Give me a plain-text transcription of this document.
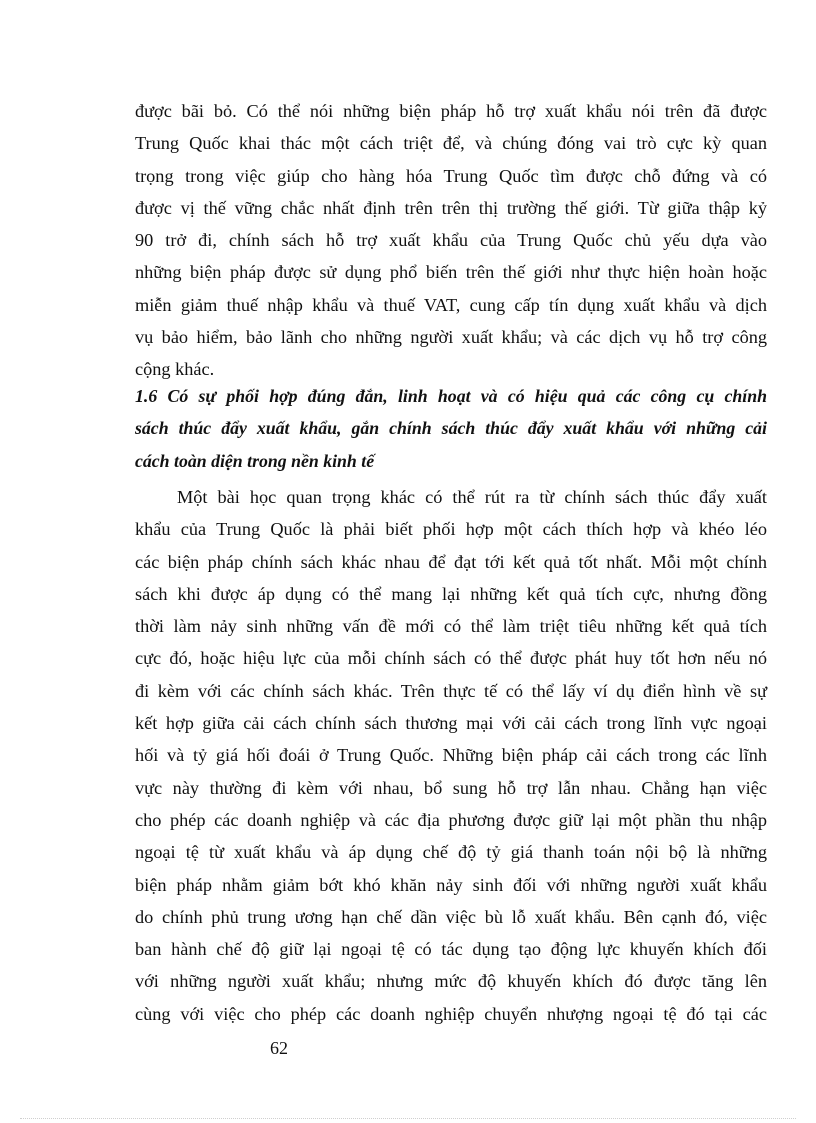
được bãi bỏ. Có thể nói những biện pháp hỗ trợ xuất khẩu nói trên đã được
Trung Quốc khai thác một cách triệt để, và chúng đóng vai trò cực kỳ quan
trọng trong việc giúp cho hàng hóa Trung Quốc tìm được chỗ đứng và có
được vị thế vững chắc nhất định trên trên thị trường thế giới. Từ giữa thập kỷ
90 trở đi, chính sách hỗ trợ xuất khẩu của Trung Quốc chủ yếu dựa vào
những biện pháp được sử dụng phổ biến trên thế giới như thực hiện hoàn hoặc
miễn giảm thuế nhập khẩu và thuế VAT, cung cấp tín dụng xuất khẩu và dịch
vụ bảo hiểm, bảo lãnh cho những người xuất khẩu; và các dịch vụ hỗ trợ công
cộng khác.
1.6 Có sự phối hợp đúng đắn, linh hoạt và có hiệu quả các công cụ chính
sách thúc đẩy xuất khẩu, gắn chính sách thúc đẩy xuất khẩu với những cải
cách toàn diện trong nền kinh tế
Một bài học quan trọng khác có thể rút ra từ chính sách thúc đẩy xuất
khẩu của Trung Quốc là phải biết phối hợp một cách thích hợp và khéo léo
các biện pháp chính sách khác nhau để đạt tới kết quả tốt nhất. Mỗi một chính
sách khi được áp dụng có thể mang lại những kết quả tích cực, nhưng đồng
thời làm nảy sinh những vấn đề mới có thể làm triệt tiêu những kết quả tích
cực đó, hoặc hiệu lực của mỗi chính sách có thể được phát huy tốt hơn nếu nó
đi kèm với các chính sách khác. Trên thực tế có thể lấy ví dụ điển hình về sự
kết hợp giữa cải cách chính sách thương mại với cải cách trong lĩnh vực ngoại
hối và tỷ giá hối đoái ở Trung Quốc. Những biện pháp cải cách trong các lĩnh
vực này thường đi kèm với nhau, bổ sung hỗ trợ lẫn nhau. Chẳng hạn việc
cho phép các doanh nghiệp và các địa phương được giữ lại một phần thu nhập
ngoại tệ từ xuất khẩu và áp dụng chế độ tỷ giá thanh toán nội bộ là những
biện pháp nhằm giảm bớt khó khăn nảy sinh đối với những người xuất khẩu
do chính phủ trung ương hạn chế dần việc bù lỗ xuất khẩu. Bên cạnh đó, việc
ban hành chế độ giữ lại ngoại tệ có tác dụng tạo động lực khuyến khích đối
với những người xuất khẩu; nhưng mức độ khuyến khích đó được tăng lên
cùng với việc cho phép các doanh nghiệp chuyển nhượng ngoại tệ đó tại các
62
